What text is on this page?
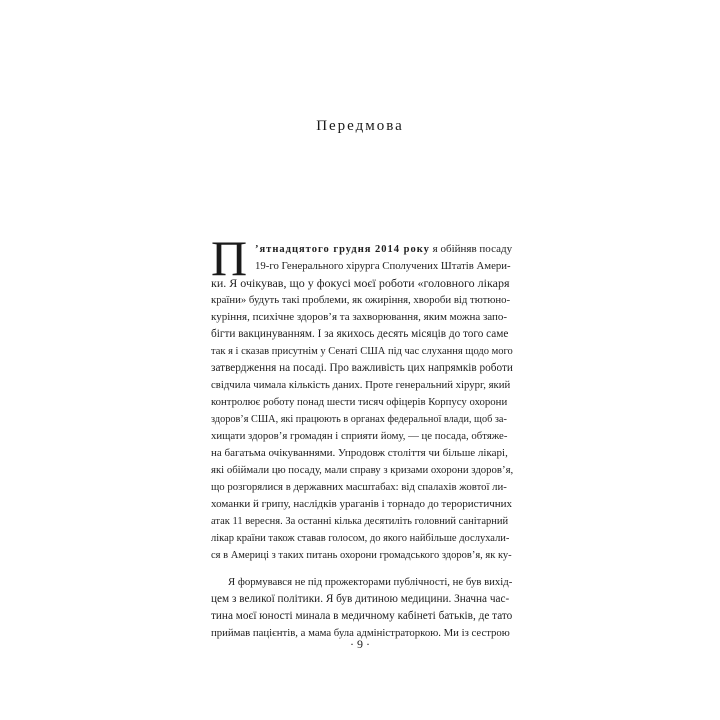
Передмова
П ’ятнадцятого грудня 2014 року я обійняв посаду
19-го Генерального хірурга Сполучених Штатів Амери-
ки. Я очікував, що у фокусі моєї роботи «головного лікаря
країни» будуть такі проблеми, як ожиріння, хвороби від тютюно-
куріння, психічне здоров’я та захворювання, яким можна запо-
бігти вакцинуванням. І за якихось десять місяців до того саме
так я і сказав присутнім у Сенаті США під час слухання щодо мого
затвердження на посаді. Про важливість цих напрямків роботи
свідчила чимала кількість даних. Проте генеральний хірург, який
контролює роботу понад шести тисяч офіцерів Корпусу охорони
здоров’я США, які працюють в органах федеральної влади, щоб за-
хищати здоров’я громадян і сприяти йому, — це посада, обтяже-
на багатьма очікуваннями. Упродовж століття чи більше лікарі,
які обіймали цю посаду, мали справу з кризами охорони здоров’я,
що розгорялися в державних масштабах: від спалахів жовтої ли-
хоманки й грипу, наслідків ураганів і торнадо до терористичних
атак 11 вересня. За останні кілька десятиліть головний санітарний
лікар країни також ставав голосом, до якого найбільше дослухали-
ся в Америці з таких питань охорони громадського здоров’я, як ку-
Я формувався не під прожекторами публічності, не був вихід-
цем з великої політики. Я був дитиною медицини. Значна час-
тина моєї юності минала в медичному кабінеті батьків, де тато
приймав пацієнтів, а мама була адміністраторкою. Ми із сестрою
· 9 ·
